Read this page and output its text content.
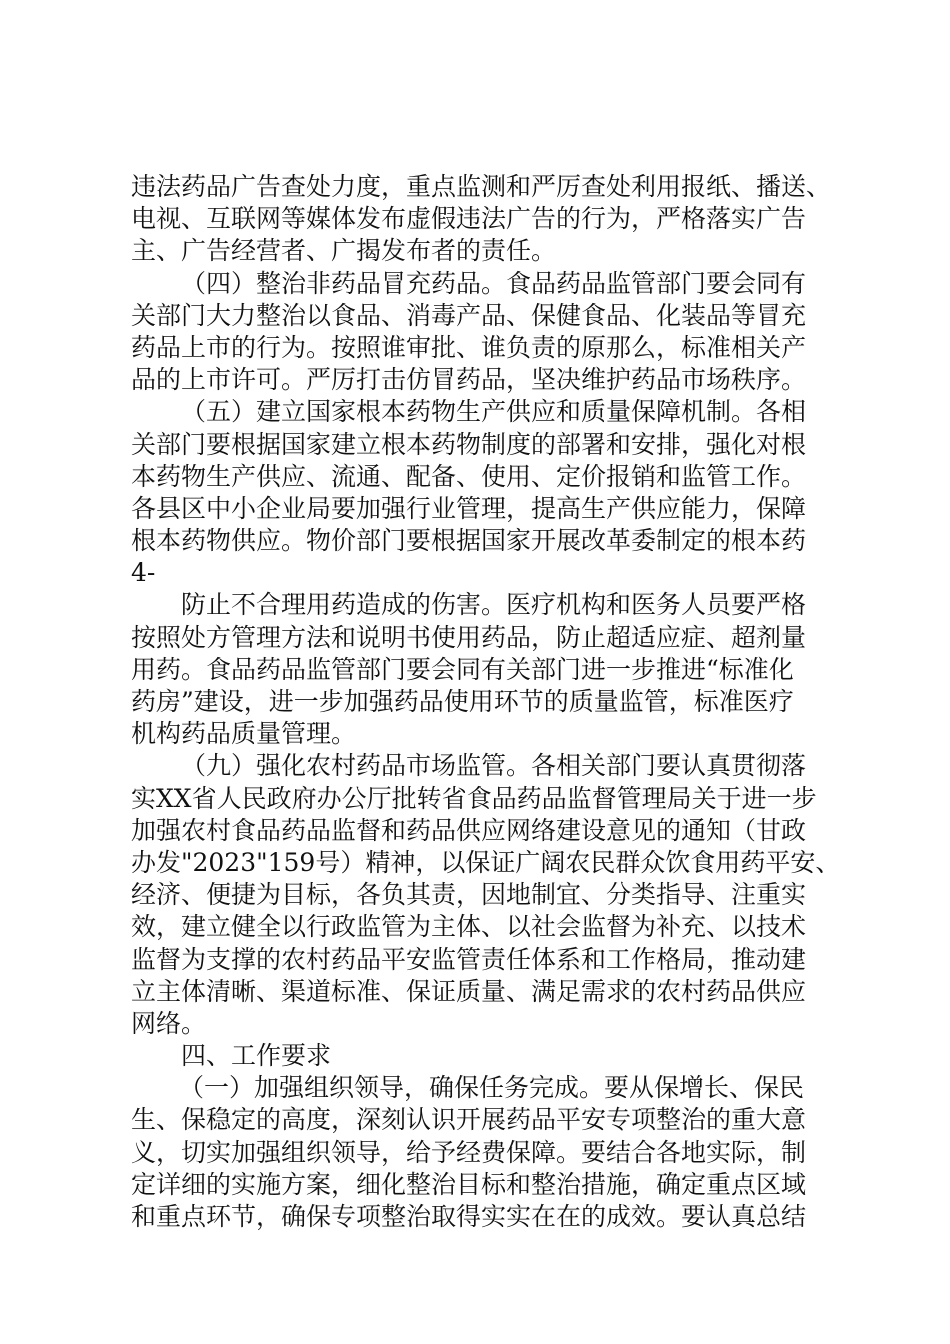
违法药品广告查处力度，重点监测和严厉查处利用报纸、播送、
电视、互联网等媒体发布虚假违法广告的行为，严格落实广告
主、广告经营者、广揭发布者的责任。
（四）整治非药品冒充药品。食品药品监管部门要会同有
关部门大力整治以食品、消毒产品、保健食品、化装品等冒充
药品上市的行为。按照谁审批、谁负责的原那么，标准相关产
品的上市许可。严厉打击仿冒药品，坚决维护药品市场秩序。
（五）建立国家根本药物生产供应和质量保障机制。各相
关部门要根据国家建立根本药物制度的部署和安排，强化对根
本药物生产供应、流通、配备、使用、定价报销和监管工作。
各县区中小企业局要加强行业管理，提高生产供应能力，保障
根本药物供应。物价部门要根据国家开展改革委制定的根本药
4-
防止不合理用药造成的伤害。医疗机构和医务人员要严格
按照处方管理方法和说明书使用药品，防止超适应症、超剂量
用药。食品药品监管部门要会同有关部门进一步推进“标准化
药房”建设，进一步加强药品使用环节的质量监管，标准医疗
机构药品质量管理。
（九）强化农村药品市场监管。各相关部门要认真贯彻落
实XX省人民政府办公厅批转省食品药品监督管理局关于进一步
加强农村食品药品监督和药品供应网络建设意见的通知（甘政
办发"2023"159号）精神，以保证广阔农民群众饮食用药平安、
经济、便捷为目标，各负其责，因地制宜、分类指导、注重实
效，建立健全以行政监管为主体、以社会监督为补充、以技术
监督为支撑的农村药品平安监管责任体系和工作格局，推动建
立主体清晰、渠道标准、保证质量、满足需求的农村药品供应
网络。
四、工作要求
（一）加强组织领导，确保任务完成。要从保增长、保民
生、保稳定的高度，深刻认识开展药品平安专项整治的重大意
义，切实加强组织领导，给予经费保障。要结合各地实际，制
定详细的实施方案，细化整治目标和整治措施，确定重点区域
和重点环节，确保专项整治取得实实在在的成效。要认真总结
